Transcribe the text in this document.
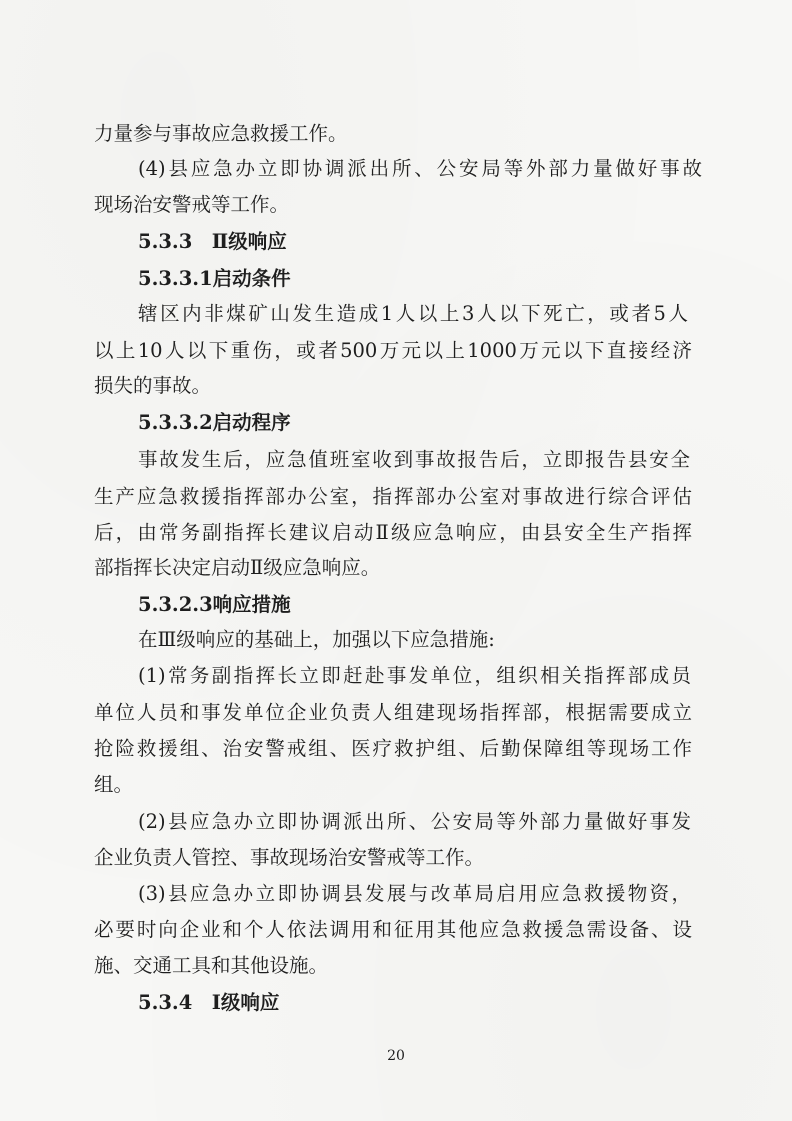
力量参与事故应急救援工作。
(4)县应急办立即协调派出所、公安局等外部力量做好事故
现场治安警戒等工作。
5.3.3　Ⅱ级响应
5.3.3.1启动条件
辖区内非煤矿山发生造成1人以上3人以下死亡，或者5人
以上10人以下重伤，或者500万元以上1000万元以下直接经济
损失的事故。
5.3.3.2启动程序
事故发生后，应急值班室收到事故报告后，立即报告县安全
生产应急救援指挥部办公室，指挥部办公室对事故进行综合评估
后，由常务副指挥长建议启动Ⅱ级应急响应，由县安全生产指挥
部指挥长决定启动Ⅱ级应急响应。
5.3.2.3响应措施
在Ⅲ级响应的基础上，加强以下应急措施:
(1)常务副指挥长立即赶赴事发单位，组织相关指挥部成员
单位人员和事发单位企业负责人组建现场指挥部，根据需要成立
抢险救援组、治安警戒组、医疗救护组、后勤保障组等现场工作
组。
(2)县应急办立即协调派出所、公安局等外部力量做好事发
企业负责人管控、事故现场治安警戒等工作。
(3)县应急办立即协调县发展与改革局启用应急救援物资，
必要时向企业和个人依法调用和征用其他应急救援急需设备、设
施、交通工具和其他设施。
5.3.4　Ⅰ级响应
20
